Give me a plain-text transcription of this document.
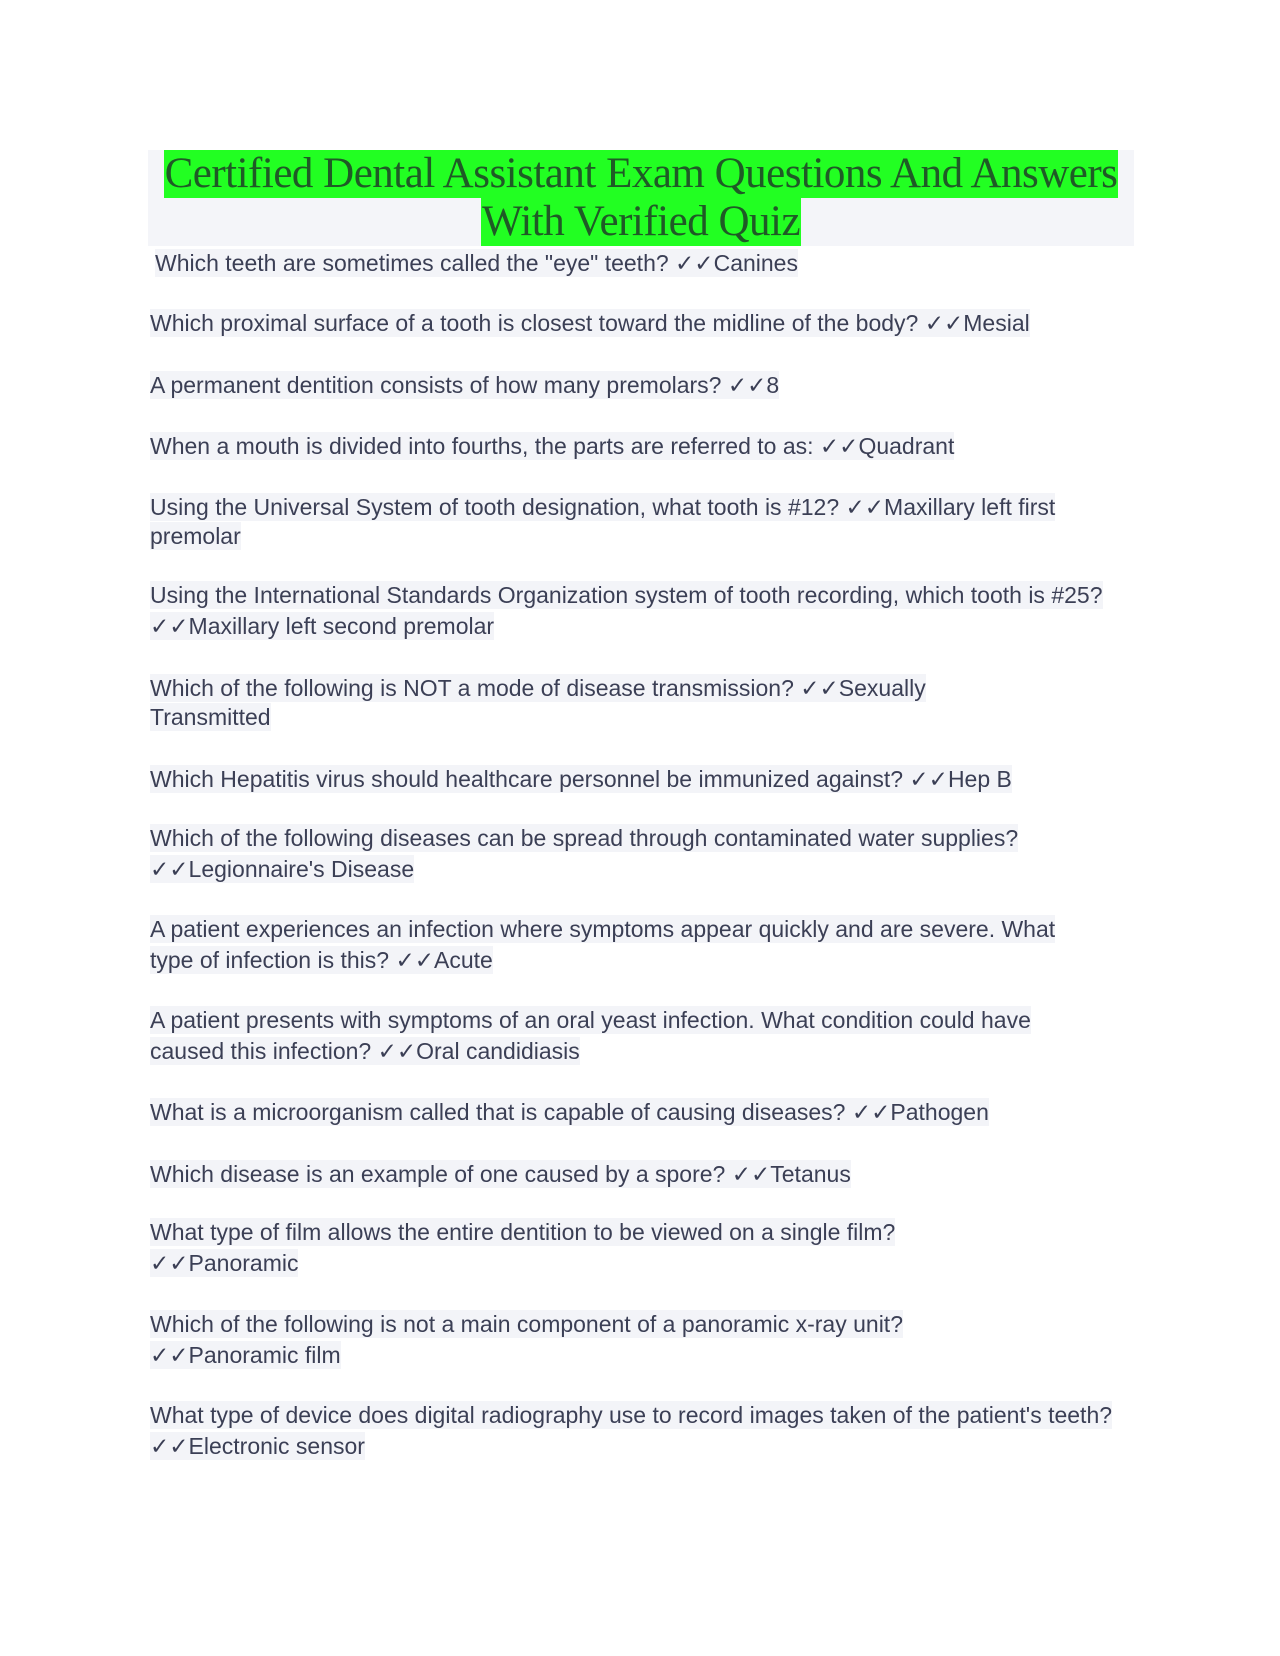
Certified Dental Assistant Exam Questions And Answers
With Verified Quiz

Which teeth are sometimes called the "eye" teeth? ✓✓Canines

Which proximal surface of a tooth is closest toward the midline of the body? ✓✓Mesial

A permanent dentition consists of how many premolars? ✓✓8

When a mouth is divided into fourths, the parts are referred to as: ✓✓Quadrant

Using the Universal System of tooth designation, what tooth is #12? ✓✓Maxillary left first premolar

Using the International Standards Organization system of tooth recording, which tooth is #25? ✓✓Maxillary left second premolar

Which of the following is NOT a mode of disease transmission? ✓✓Sexually Transmitted

Which Hepatitis virus should healthcare personnel be immunized against? ✓✓Hep B

Which of the following diseases can be spread through contaminated water supplies? ✓✓Legionnaire's Disease

A patient experiences an infection where symptoms appear quickly and are severe. What type of infection is this? ✓✓Acute

A patient presents with symptoms of an oral yeast infection. What condition could have caused this infection? ✓✓Oral candidiasis

What is a microorganism called that is capable of causing diseases? ✓✓Pathogen

Which disease is an example of one caused by a spore? ✓✓Tetanus

What type of film allows the entire dentition to be viewed on a single film? ✓✓Panoramic

Which of the following is not a main component of a panoramic x-ray unit? ✓✓Panoramic film

What type of device does digital radiography use to record images taken of the patient's teeth? ✓✓Electronic sensor
